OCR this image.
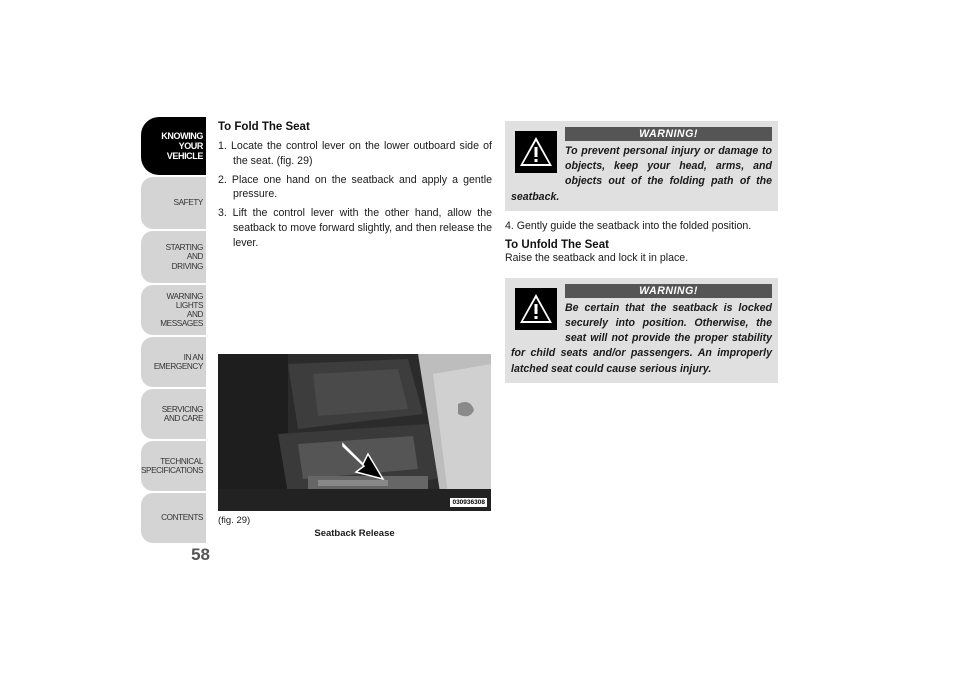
KNOWING
YOUR
VEHICLE
SAFETY
STARTING
AND
DRIVING
WARNING
LIGHTS
AND
MESSAGES
IN AN
EMERGENCY
SERVICING
AND CARE
TECHNICAL
SPECIFICATIONS
CONTENTS
58
To Fold The Seat
1. Locate the control lever on the lower outboard side of the seat. (fig. 29)
2. Place one hand on the seatback and apply a gentle pressure.
3. Lift the control lever with the other hand, allow the seatback to move forward slightly, and then release the lever.
030936308
(fig. 29)
Seatback Release
WARNING!
To prevent personal injury or damage to objects, keep your head, arms, and objects out of the folding path of the seatback.

4. Gently guide the seatback into the folded position.

To Unfold The Seat

Raise the seatback and lock it in place.

WARNING!
Be certain that the seatback is locked securely into position. Otherwise, the seat will not provide the proper stability for child seats and/or passengers. An improperly latched seat could cause serious injury.
